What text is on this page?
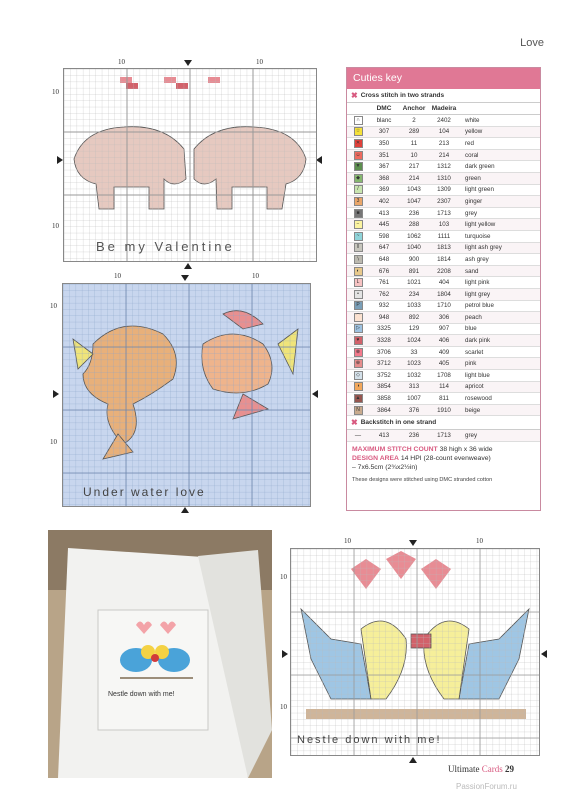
Love
10	10
10
10
Be my Valentine
10	10
10
10
Under water love
Cuties key
✖ Cross stitch in two strands
DMC	Anchor Madeira
∩	blanc	2	2402	white
☆	307	289	104	yellow
✕	350	11	213	red
☺	351	10	214	coral
▼	367	217	1312	dark green
◆	368	214	1310	green
/	369	1043	1309	light green
3	402	1047	2307	ginger
■	413	236	1713	grey
−	445	288	103	light yellow
~	598	1062	1111	turquoise
‖	647	1040	1813	light ash grey
∖	648	900	1814	ash grey
◐	676	891	2208	sand
L	761	1021	404	light pink
•	762	234	1804	light grey
P	932	1033	1710	petrol blue
⌒	948	892	306	peach
▷	3325	129	907	blue
♥	3328	1024	406	dark pink
⊗	3706	33	409	scarlet
⊕	3712	1023	405	pink
◇	3752	1032	1708	light blue
◑	3854	313	114	apricot
▲	3858	1007	811	rosewood
N	3864	376	1910	beige
✖ Backstitch in one strand
—	413	236	1713	grey
MAXIMUM STITCH COUNT 38 high x 36 wide
DESIGN AREA 14 HPI (28-count evenweave)
– 7x6.5cm (2¾x2½in)
These designs were stitched using DMC stranded cotton
Nestle down with me!
10	10
10
10
Nestle down with me!
Ultimate Cards 29
PassionForum.ru
